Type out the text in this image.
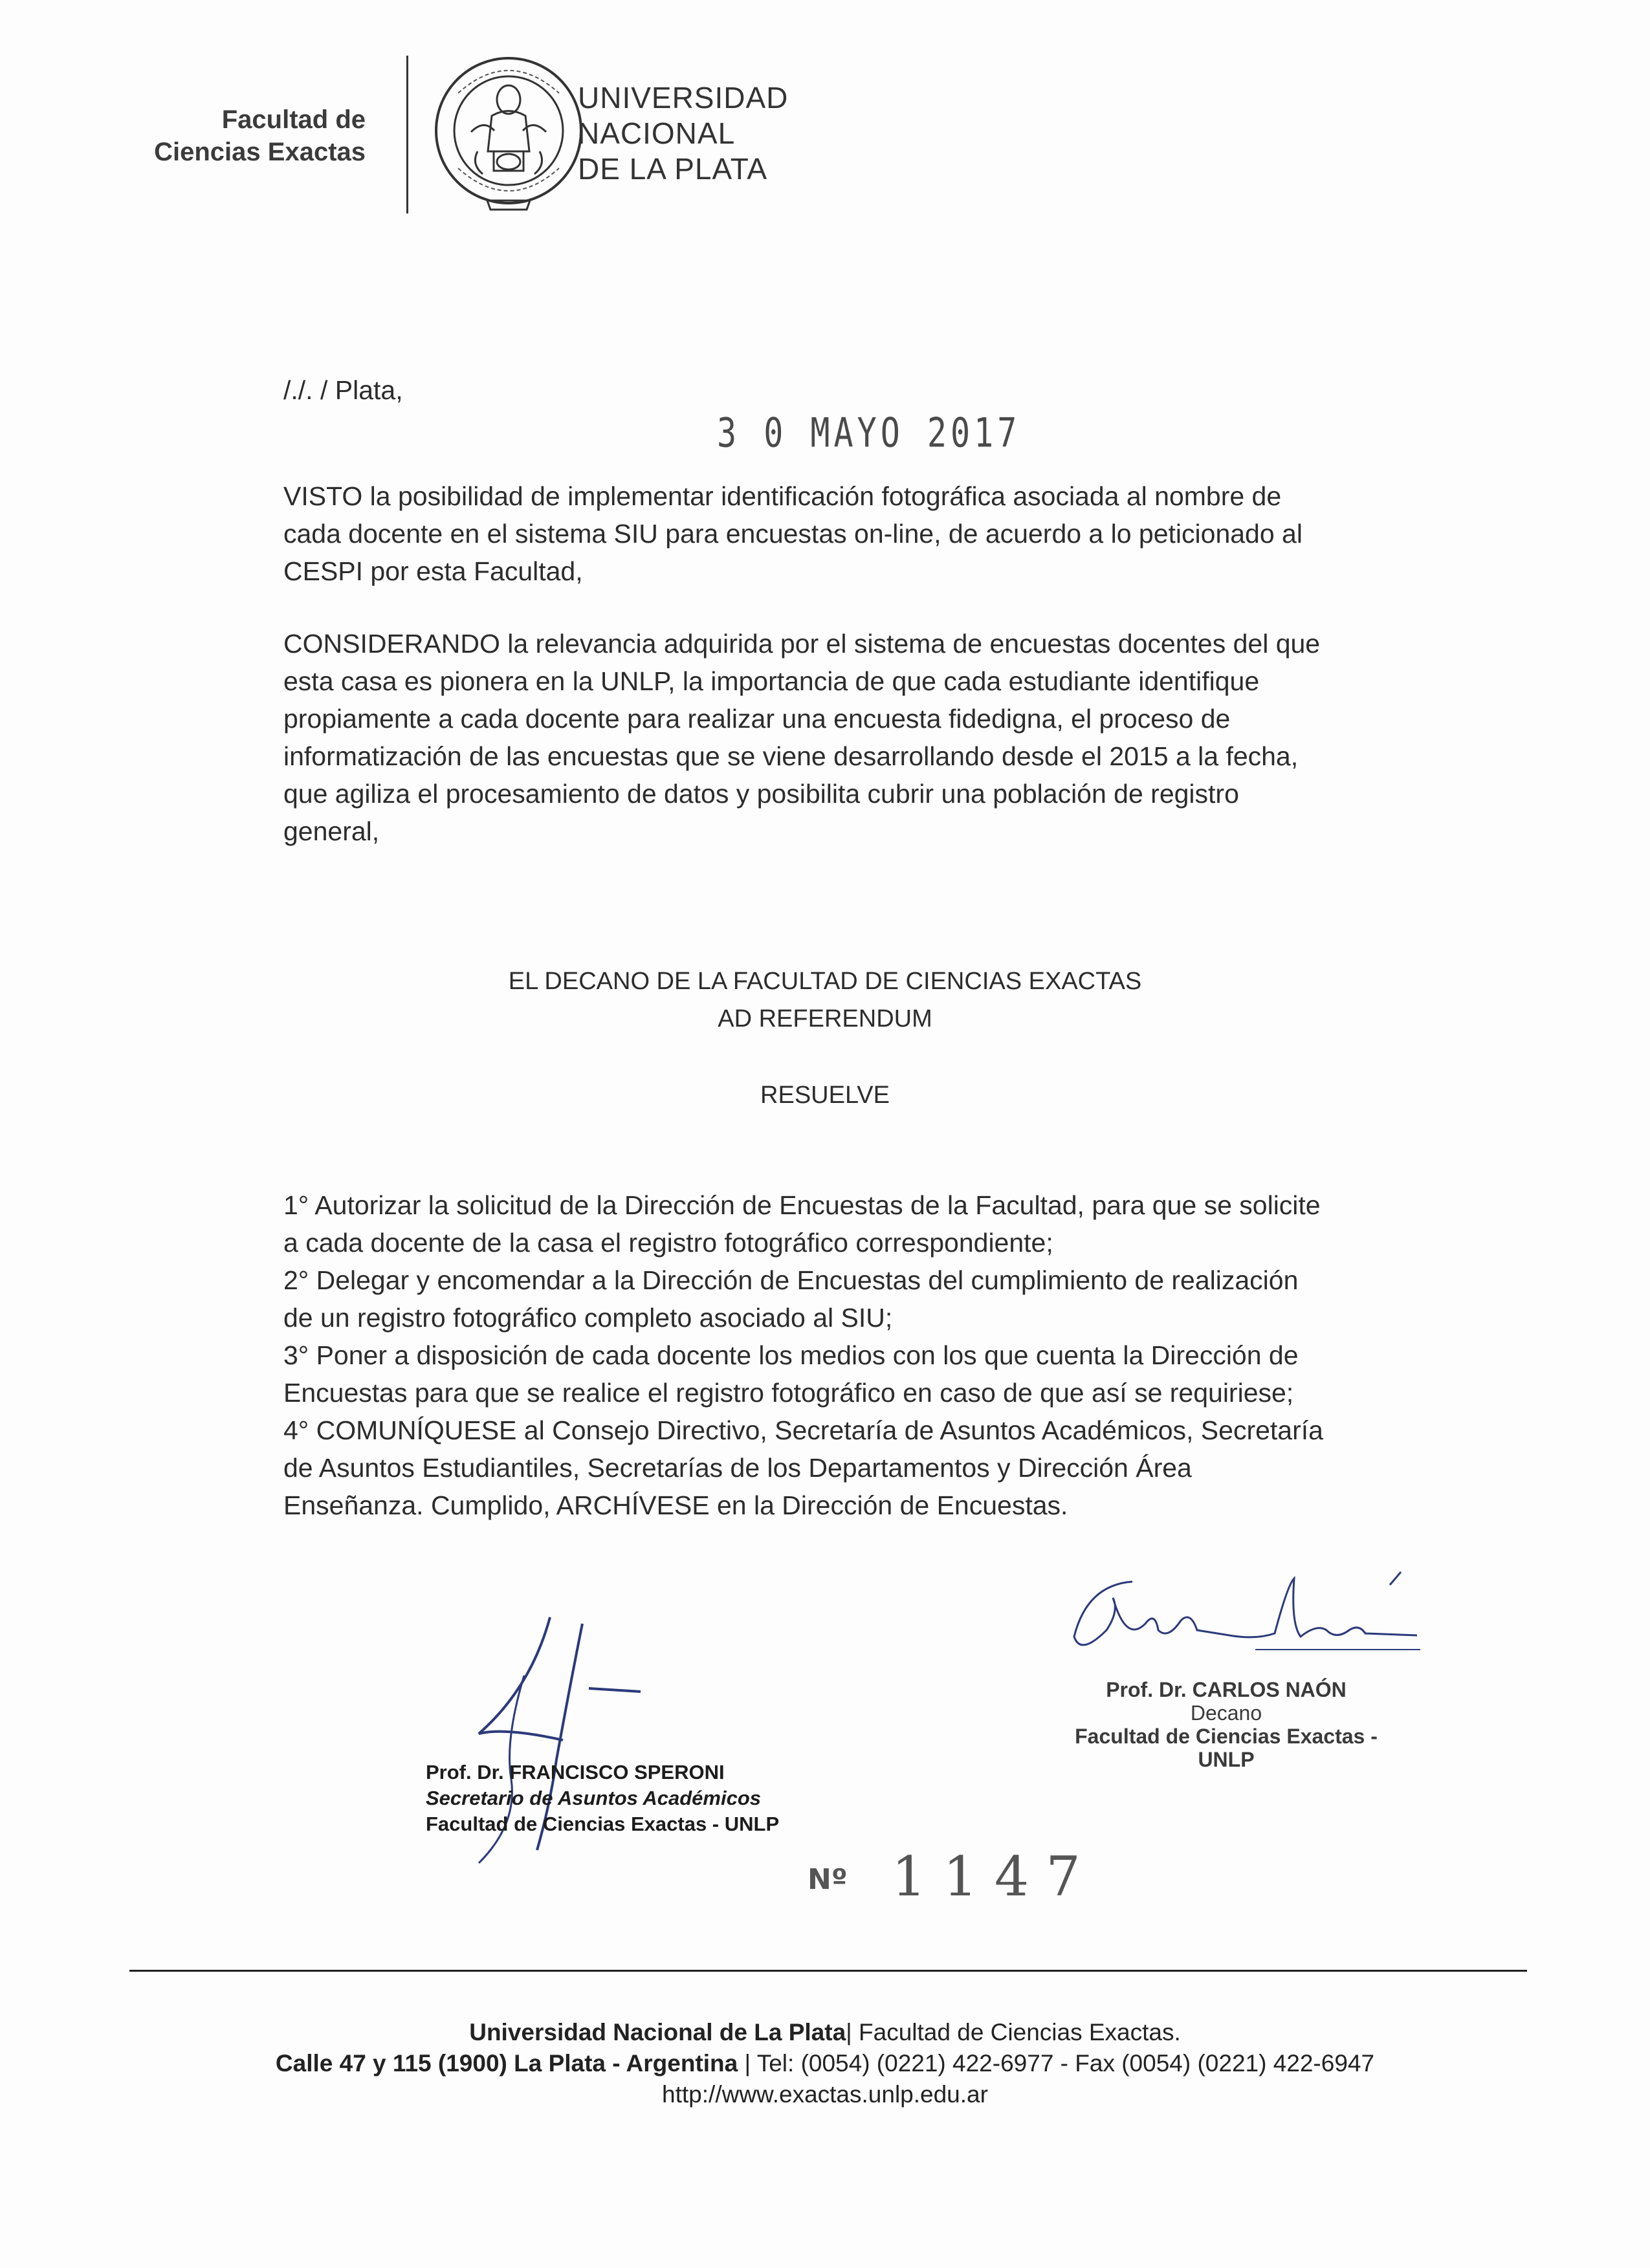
Facultad de
Ciencias Exactas
UNIVERSIDAD
NACIONAL
DE LA PLATA
/./. / Plata,
3 0 MAYO 2017
VISTO la posibilidad de implementar identificación fotográfica asociada al nombre de
cada docente en el sistema SIU para encuestas on-line, de acuerdo a lo peticionado al
CESPI por esta Facultad,
CONSIDERANDO la relevancia adquirida por el sistema de encuestas docentes del que
esta casa es pionera en la UNLP, la importancia de que cada estudiante identifique
propiamente a cada docente para realizar una encuesta fidedigna, el proceso de
informatización de las encuestas que se viene desarrollando desde el 2015 a la fecha,
que agiliza el procesamiento de datos y posibilita cubrir una población de registro
general,
EL DECANO DE LA FACULTAD DE CIENCIAS EXACTAS
AD REFERENDUM
RESUELVE
1° Autorizar la solicitud de la Dirección de Encuestas de la Facultad, para que se solicite
a cada docente de la casa el registro fotográfico correspondiente;
2° Delegar y encomendar a la Dirección de Encuestas del cumplimiento de realización
de un registro fotográfico completo asociado al SIU;
3° Poner a disposición de cada docente los medios con los que cuenta la Dirección de
Encuestas para que se realice el registro fotográfico en caso de que así se requiriese;
4° COMUNÍQUESE al Consejo Directivo, Secretaría de Asuntos Académicos, Secretaría
de Asuntos Estudiantiles, Secretarías de los Departamentos y Dirección Área
Enseñanza. Cumplido, ARCHÍVESE en la Dirección de Encuestas.
Prof. Dr. CARLOS NAÓN
Decano
Facultad de Ciencias Exactas - UNLP
Prof. Dr. FRANCISCO SPERONI
Secretario de Asuntos Académicos
Facultad de Ciencias Exactas - UNLP
Nº 1147
Universidad Nacional de La Plata| Facultad de Ciencias Exactas.
Calle 47 y 115 (1900) La Plata - Argentina | Tel: (0054) (0221) 422-6977 - Fax (0054) (0221) 422-6947
http://www.exactas.unlp.edu.ar
